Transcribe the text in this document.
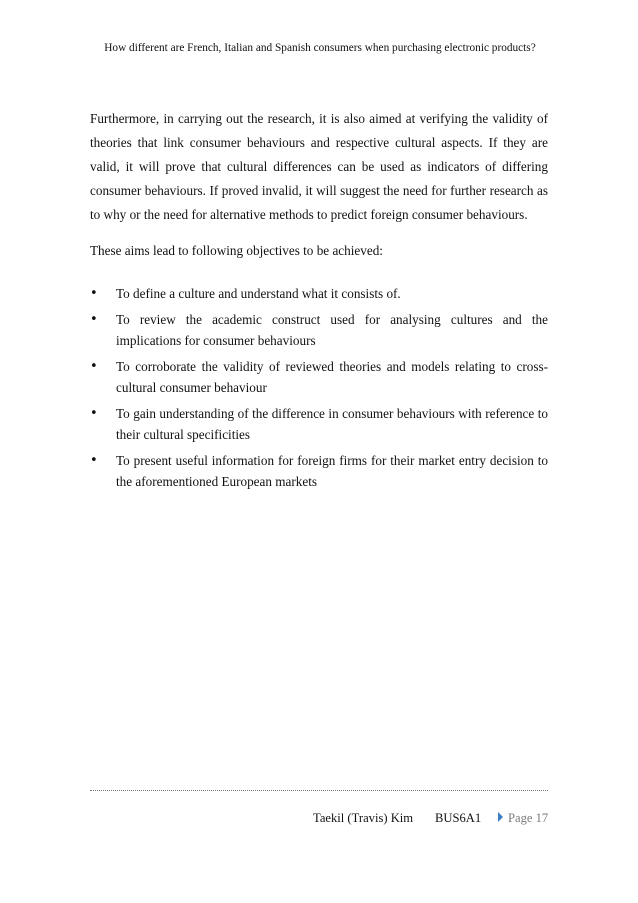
How different are French, Italian and Spanish consumers when purchasing electronic products?

Furthermore, in carrying out the research, it is also aimed at verifying the validity of theories that link consumer behaviours and respective cultural aspects. If they are valid, it will prove that cultural differences can be used as indicators of differing consumer behaviours. If proved invalid, it will suggest the need for further research as to why or the need for alternative methods to predict foreign consumer behaviours.

These aims lead to following objectives to be achieved:

• To define a culture and understand what it consists of.
• To review the academic construct used for analysing cultures and the implications for consumer behaviours
• To corroborate the validity of reviewed theories and models relating to cross-cultural consumer behaviour
• To gain understanding of the difference in consumer behaviours with reference to their cultural specificities
• To present useful information for foreign firms for their market entry decision to the aforementioned European markets
Taekil (Travis) Kim BUS6A1	Page 17
